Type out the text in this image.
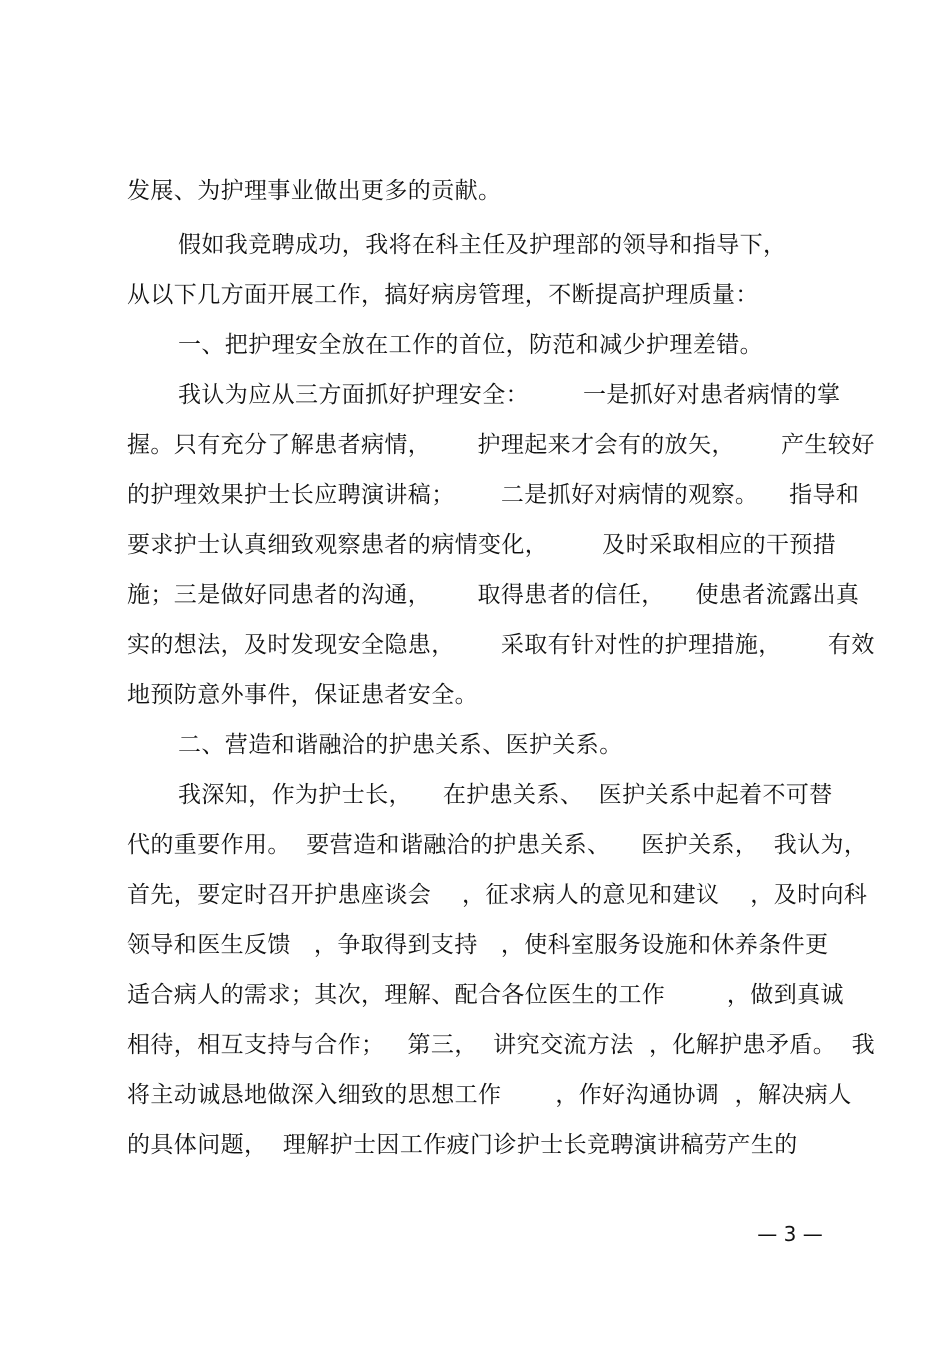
发展、为护理事业做出更多的贡献。
假如我竞聘成功，我将在科主任及护理部的领导和指导下，
从以下几方面开展工作，搞好病房管理，不断提高护理质量：
一、把护理安全放在工作的首位，防范和减少护理差错。
我认为应从三方面抓好护理安全：       一是抓好对患者病情的掌
握。只有充分了解患者病情，      护理起来才会有的放矢，      产生较好
的护理效果护士长应聘演讲稿；      二是抓好对病情的观察。    指导和
要求护士认真细致观察患者的病情变化，       及时采取相应的干预措
施；三是做好同患者的沟通，      取得患者的信任，    使患者流露出真
实的想法，及时发现安全隐患，      采取有针对性的护理措施，      有效
地预防意外事件，保证患者安全。
二、营造和谐融洽的护患关系、医护关系。
我深知，作为护士长，    在护患关系、  医护关系中起着不可替
代的重要作用。  要营造和谐融洽的护患关系、    医护关系，  我认为，
首先，要定时召开护患座谈会    ，征求病人的意见和建议    ，及时向科
领导和医生反馈   ，争取得到支持   ，使科室服务设施和休养条件更
适合病人的需求；其次，理解、配合各位医生的工作        ，做到真诚
相待，相互支持与合作；   第三，  讲究交流方法  ，化解护患矛盾。  我
将主动诚恳地做深入细致的思想工作       ，作好沟通协调  ，解决病人
的具体问题，  理解护士因工作疲门诊护士长竞聘演讲稿劳产生的
— 3 —
